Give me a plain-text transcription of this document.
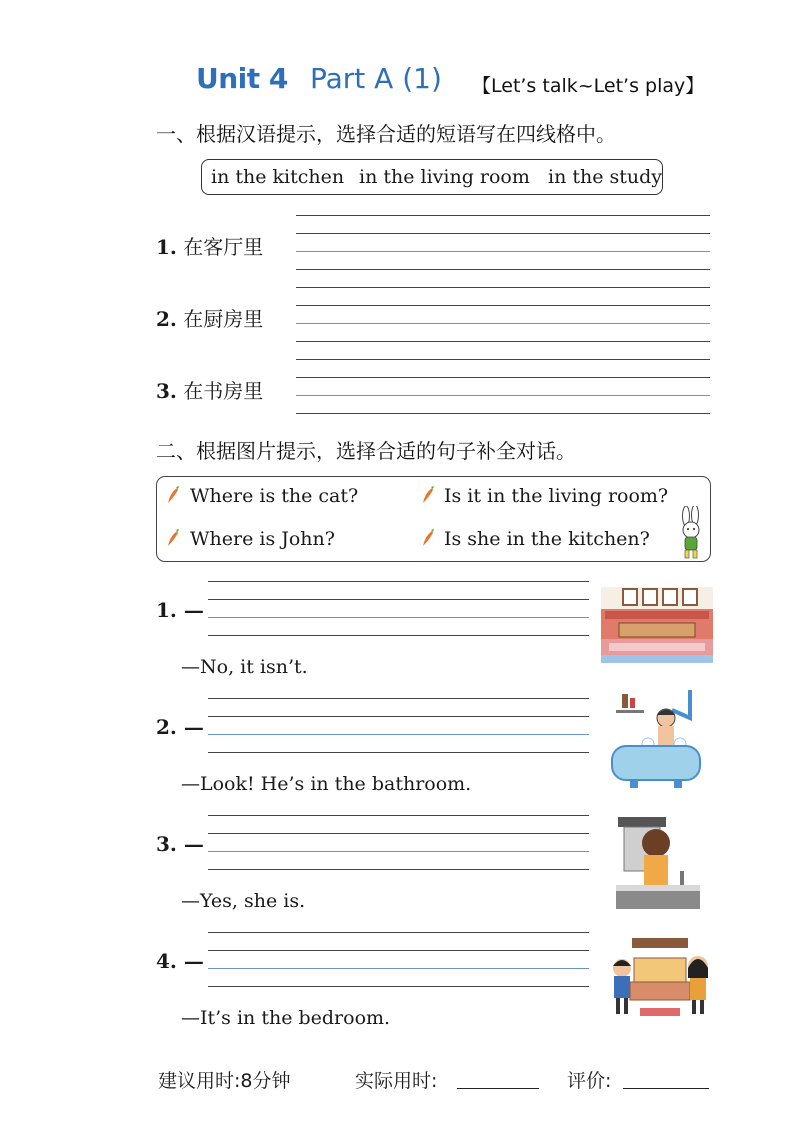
Unit 4 Part A (1) 【Let’s talk~Let’s play】
一、根据汉语提示，选择合适的短语写在四线格中。
in the kitchen in the living room in the study
1. 在客厅里
2. 在厨房里
3. 在书房里
二、根据图片提示，选择合适的句子补全对话。
Where is the cat?	Is it in the living room?
Where is John?	Is she in the kitchen?
1. —
—No, it isn’t.
2. —
—Look! He’s in the bathroom.
3. —
—Yes, she is.
4. —
—It’s in the bedroom.
建议用时:8分钟	实际用时:	评价:
